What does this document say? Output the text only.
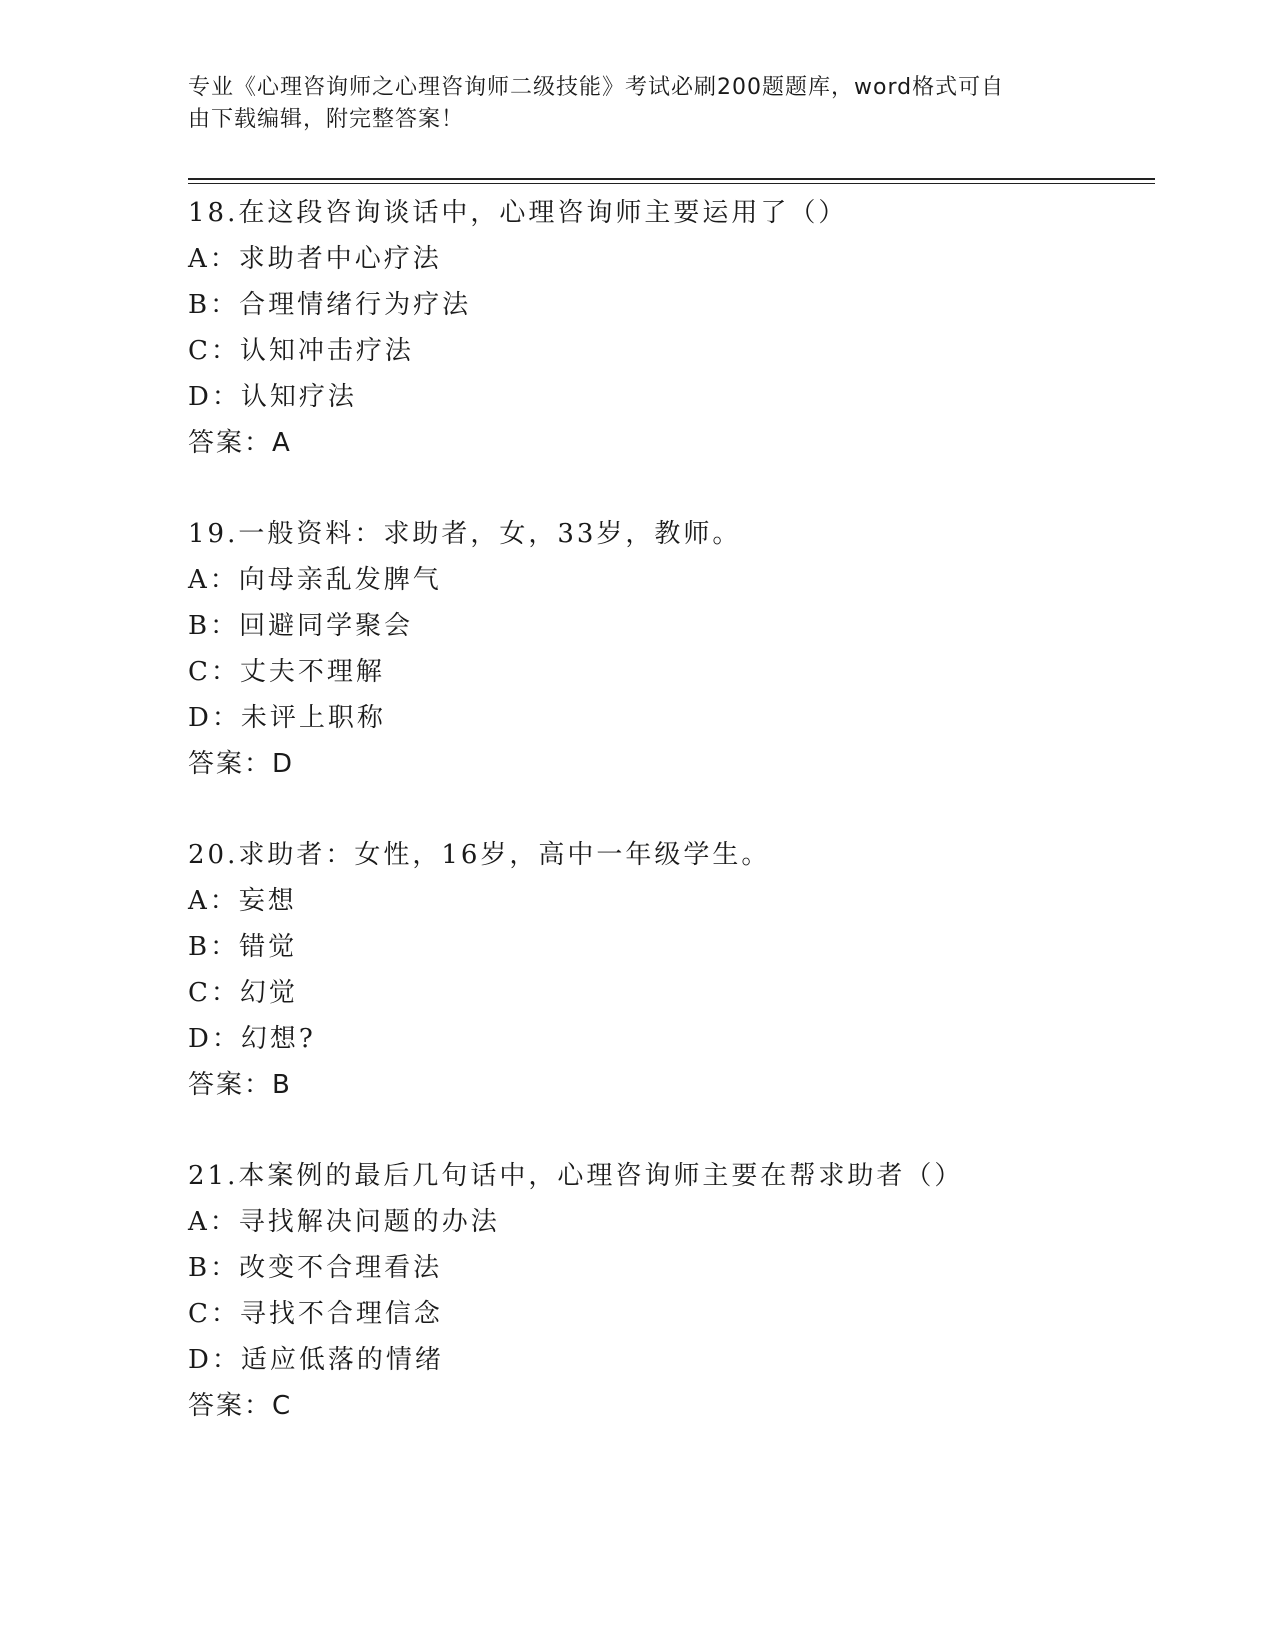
专业《心理咨询师之心理咨询师二级技能》考试必刷200题题库，word格式可自
由下载编辑，附完整答案！
18.在这段咨询谈话中，心理咨询师主要运用了（）
A：求助者中心疗法
B：合理情绪行为疗法
C：认知冲击疗法
D：认知疗法
答案：A
19.一般资料：求助者，女，33岁，教师。
A：向母亲乱发脾气
B：回避同学聚会
C：丈夫不理解
D：未评上职称
答案：D
20.求助者：女性，16岁，高中一年级学生。
A：妄想
B：错觉
C：幻觉
D：幻想?
答案：B
21.本案例的最后几句话中，心理咨询师主要在帮求助者（）
A：寻找解决问题的办法
B：改变不合理看法
C：寻找不合理信念
D：适应低落的情绪
答案：C
